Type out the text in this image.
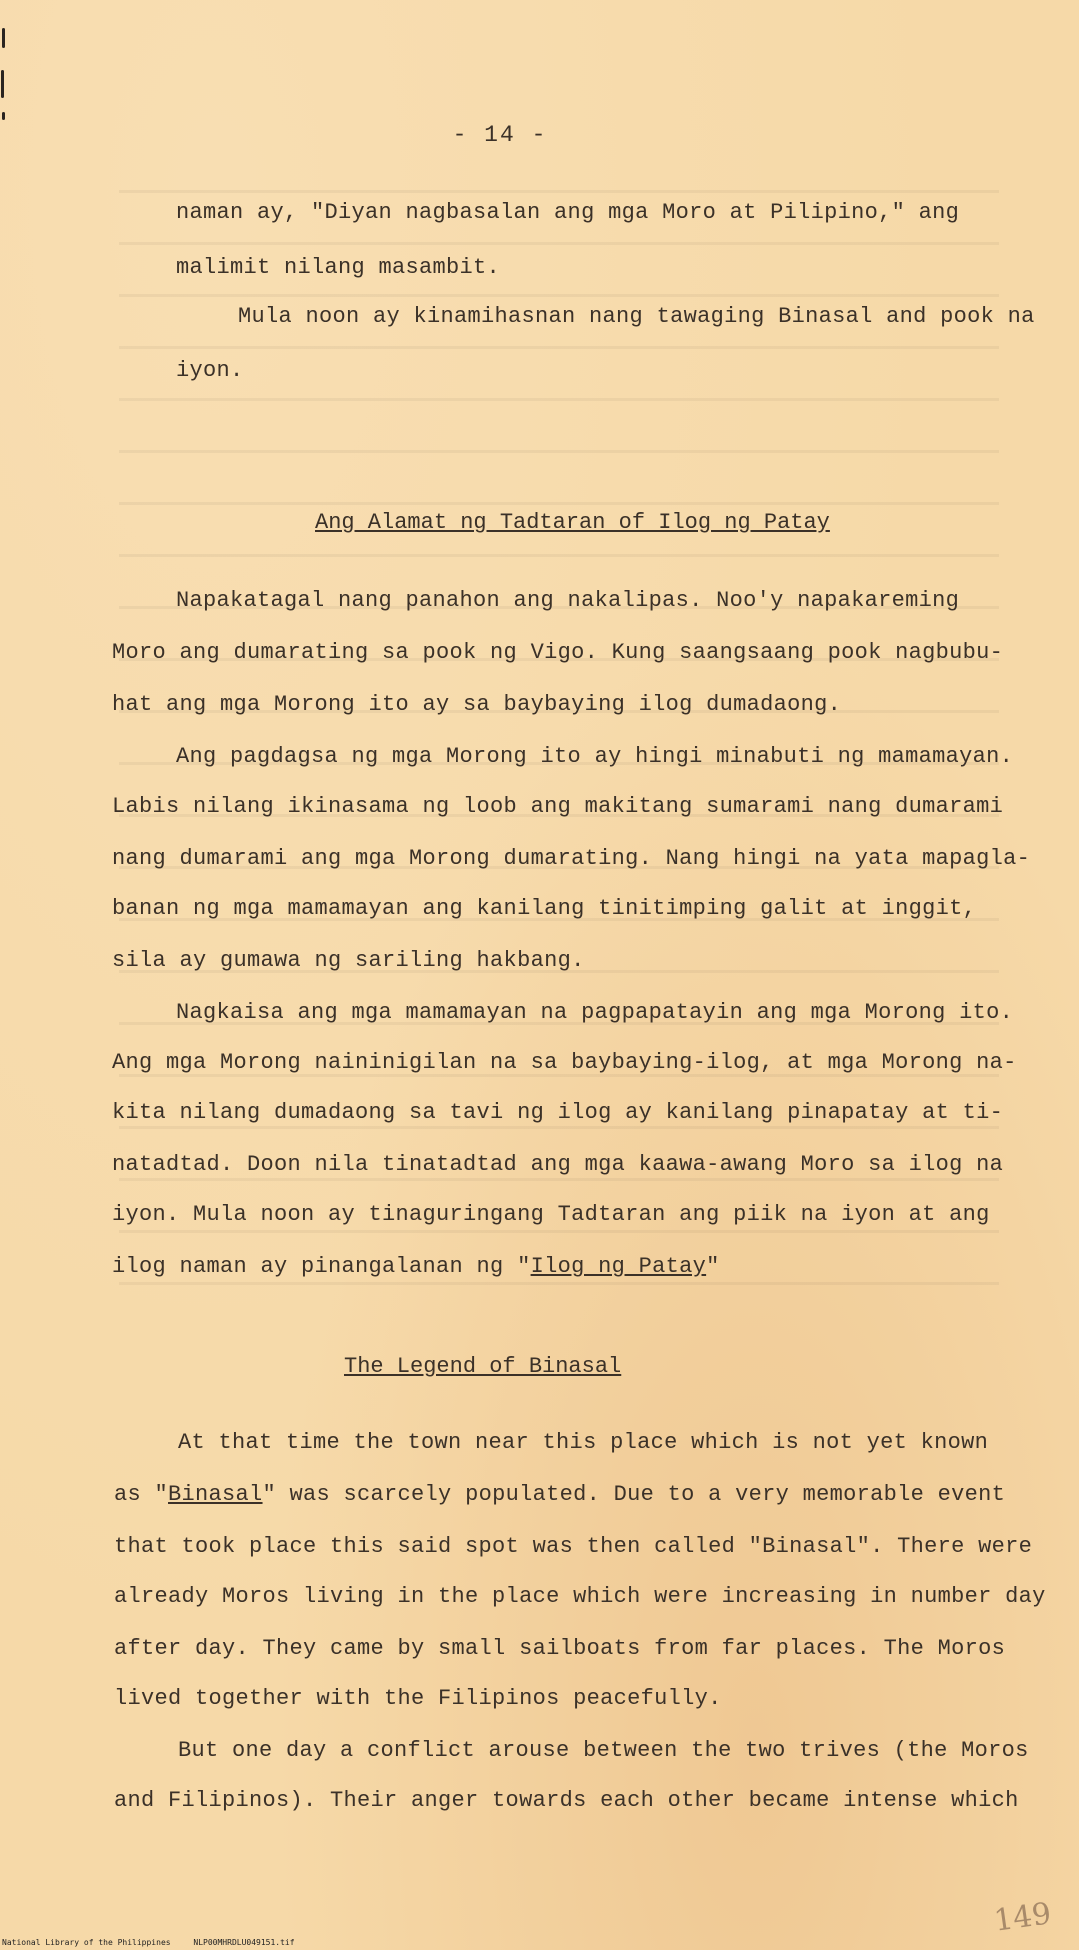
- 14 -
naman ay, "Diyan nagbasalan ang mga Moro at Pilipino," ang
malimit nilang masambit.
Mula noon ay kinamihasnan nang tawaging Binasal and pook na
iyon.
Ang Alamat ng Tadtaran of Ilog ng Patay
Napakatagal nang panahon ang nakalipas. Noo'y napakareming
Moro ang dumarating sa pook ng Vigo. Kung saangsaang pook nagbubu-
hat ang mga Morong ito ay sa baybaying ilog dumadaong.
Ang pagdagsa ng mga Morong ito ay hingi minabuti ng mamamayan.
Labis nilang ikinasama ng loob ang makitang sumarami nang dumarami
nang dumarami ang mga Morong dumarating. Nang hingi na yata mapagla-
banan ng mga mamamayan ang kanilang tinitimping galit at inggit,
sila ay gumawa ng sariling hakbang.
Nagkaisa ang mga mamamayan na pagpapatayin ang mga Morong ito.
Ang mga Morong naininigilan na sa baybaying-ilog, at mga Morong na-
kita nilang dumadaong sa tavi ng ilog ay kanilang pinapatay at ti-
natadtad. Doon nila tinatadtad ang mga kaawa-awang Moro sa ilog na
iyon. Mula noon ay tinaguringang Tadtaran ang piik na iyon at ang
ilog naman ay pinangalanan ng "Ilog ng Patay"
The Legend of Binasal
At that time the town near this place which is not yet known
as "Binasal" was scarcely populated. Due to a very memorable event
that took place this said spot was then called "Binasal". There were
already Moros living in the place which were increasing in number day
after day. They came by small sailboats from far places. The Moros
lived together with the Filipinos peacefully.
But one day a conflict arouse between the two trives (the Moros
and Filipinos). Their anger towards each other became intense which
149
National Library of the Philippines	NLP00MHRDLU049151.tif
